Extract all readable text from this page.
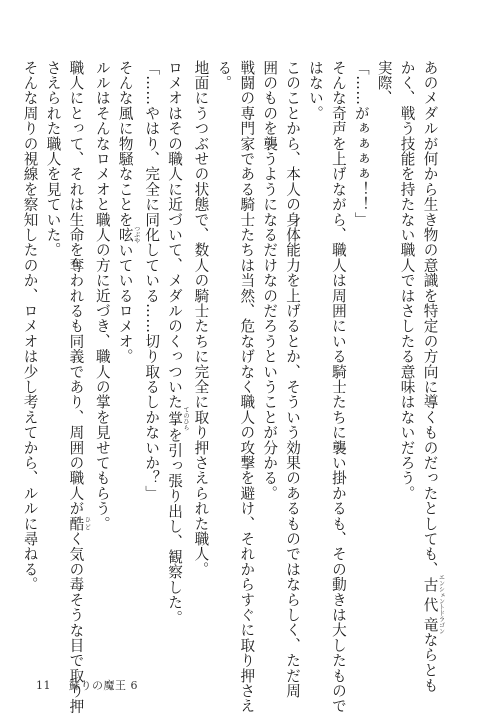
あのメダルが何から生き物の意識を特定の方向に導くものだったとしても、古代竜 エンシェントドラゴンならとも
かく、戦う技能を持たない職人ではさしたる意味はないだろう。
実際、
「……がぁぁぁぁ！！」
そんな奇声を上げながら、職人は周囲にいる騎士たちに襲い掛かるも、その動きは大したもので
はない。
このことから、本人の身体能力を上げるとか、そういう効果のあるものではならしく、ただ周
囲のものを襲うようになるだけなのだろうということが分かる。
戦闘の専門家である騎士たちは当然、危なげなく職人の攻撃を避け、それからすぐに取り押さえ
る。
地面にうつぶせの状態で、数人の騎士たちに完全に取り押さえられた職人。
ロメオはその職人に近づいて、メダルのくっついた掌 てのひらを引っ張り出し、観察した。
「……やはり、完全に同化している……切り取るしかないか？」
そんな風に物騒なことを呟 つぶやいているロメオ。
ルルはそんなロメオと職人の方に近づき、職人の掌を見せてもらう。
職人にとって、それは生命を奪われるも同義であり、周囲の職人が酷 ひどく気の毒そうな目で取り押
さえられた職人を見ていた。
そんな周りの視線を察知したのか、ロメオは少し考えてから、ルルに尋ねる。
11 蘇りの魔王 6
